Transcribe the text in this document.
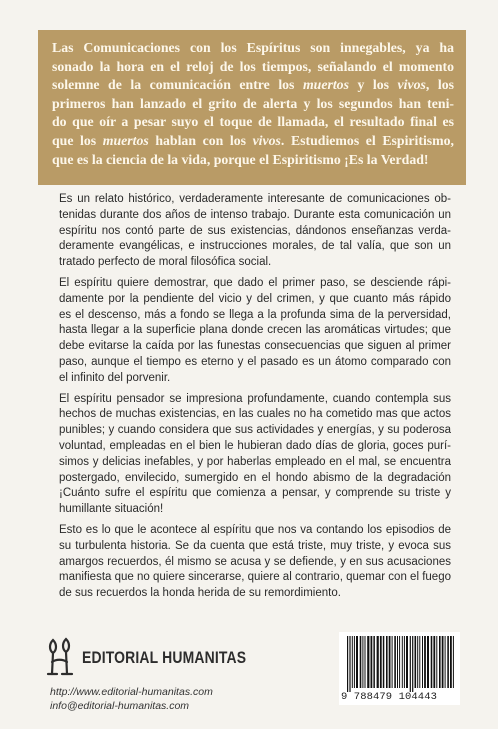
Las Comunicaciones con los Espíritus son innegables, ya ha
sonado la hora en el reloj de los tiempos, señalando el momento
solemne de la comunicación entre los muertos y los vivos, los
primeros han lanzado el grito de alerta y los segundos han teni-
do que oír a pesar suyo el toque de llamada, el resultado final es
que los muertos hablan con los vivos. Estudiemos el Espiritismo,
que es la ciencia de la vida, porque el Espiritismo ¡Es la Verdad!
Es un relato histórico, verdaderamente interesante de comunicaciones ob-
tenidas durante dos años de intenso trabajo. Durante esta comunicación un
espíritu nos contó parte de sus existencias, dándonos enseñanzas verda-
deramente evangélicas, e instrucciones morales, de tal valía, que son un
tratado perfecto de moral filosófica social.
El espíritu quiere demostrar, que dado el primer paso, se desciende rápi-
damente por la pendiente del vicio y del crimen, y que cuanto más rápido
es el descenso, más a fondo se llega a la profunda sima de la perversidad,
hasta llegar a la superficie plana donde crecen las aromáticas virtudes; que
debe evitarse la caída por las funestas consecuencias que siguen al primer
paso, aunque el tiempo es eterno y el pasado es un átomo comparado con
el infinito del porvenir.
El espíritu pensador se impresiona profundamente, cuando contempla sus
hechos de muchas existencias, en las cuales no ha cometido mas que actos
punibles; y cuando considera que sus actividades y energías, y su poderosa
voluntad, empleadas en el bien le hubieran dado días de gloria, goces purí-
simos y delicias inefables, y por haberlas empleado en el mal, se encuentra
postergado, envilecido, sumergido en el hondo abismo de la degradación
¡Cuánto sufre el espíritu que comienza a pensar, y comprende su triste y
humillante situación!
Esto es lo que le acontece al espíritu que nos va contando los episodios de
su turbulenta historia. Se da cuenta que está triste, muy triste, y evoca sus
amargos recuerdos, él mismo se acusa y se defiende, y en sus acusaciones
manifiesta que no quiere sincerarse, quiere al contrario, quemar con el fuego
de sus recuerdos la honda herida de su remordimiento.
EDITORIAL HUMANITAS
http://www.editorial-humanitas.com
info@editorial-humanitas.com
9 788479 104443
